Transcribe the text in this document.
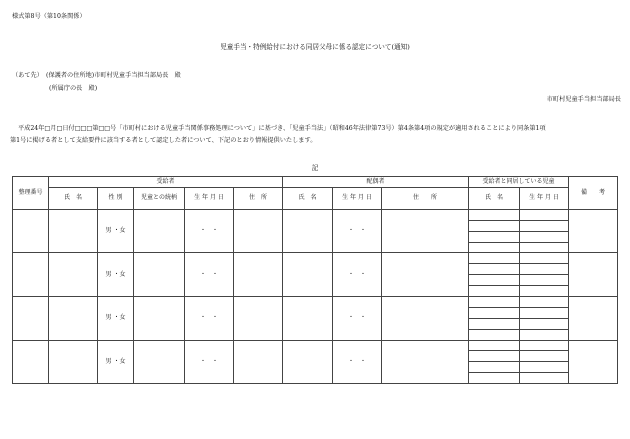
様式第8号（第10条関係）
児童手当・特例給付における同居父母に係る認定について(通知)
（あて先）　(保護者の住所地)市町村児童手当担当部局長　殿
(所属庁の長　殿)
市町村児童手当担当部局長
平成24年□月□日付□□□第□□号「市町村における児童手当関係事務処理について」に基づき、「児童手当法」（昭和46年法律第73号）第4条第4項の規定が適用されることにより同条第1項
第1号に掲げる者として支給要件に該当する者として認定した者について、下記のとおり情報提供いたします。
記
整理番号	受給者					配偶者			受給者と同居している児童		備　　考
	氏　名	性 別	児童との続柄	生 年 月 日	住　所	氏　名	生 年 月 日	住　　所	氏　名	生 年 月 日	
		男 ・女		・　・			・　・				

		男 ・女		・　・			・　・				

		男 ・女		・　・			・　・				

		男 ・女		・　・			・　・				
